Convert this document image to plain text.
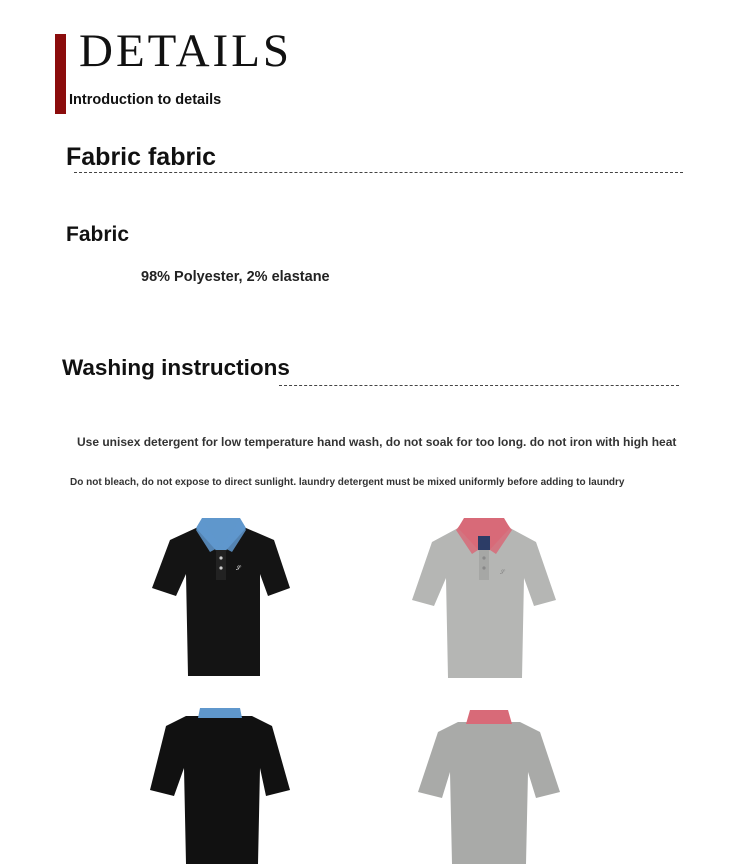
DETAILS
Introduction to details
Fabric fabric
Fabric
98% Polyester, 2% elastane
Washing instructions
Use unisex detergent for low temperature hand wash, do not soak for too long. do not iron with high heat
Do not bleach, do not expose to direct sunlight. laundry detergent must be mixed uniformly before adding to laundry
𝒮
𝒮
